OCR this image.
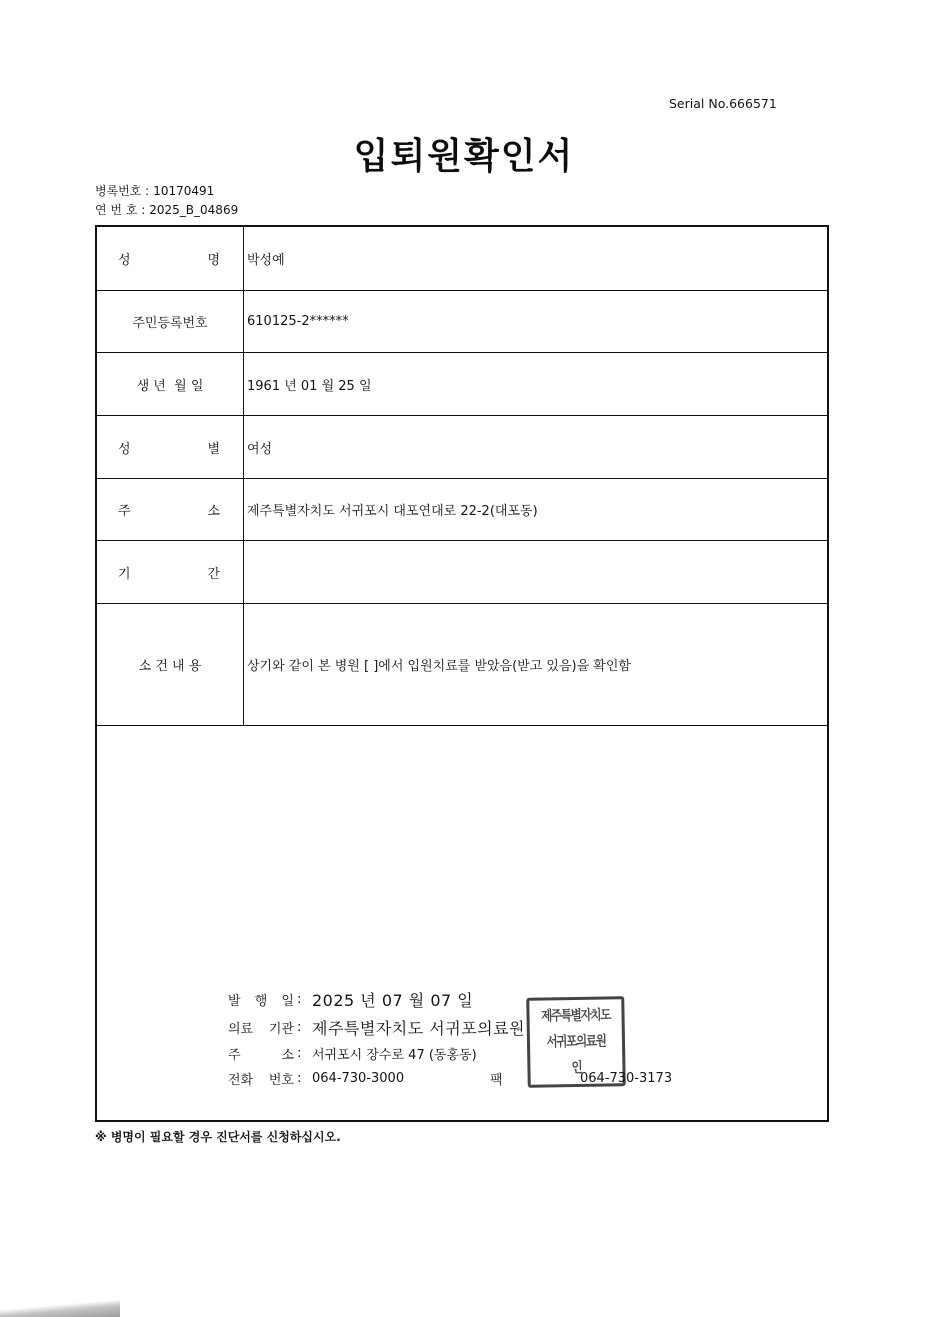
Serial No.666571
입퇴원확인서
병록번호 : 10170491
연 번 호 : 2025_B_04869
성 명 박성예
주민등록번호	610125-2******
생 년  월 일	1961 년 01 월 25 일
성 별 여성
주 소 제주특별자치도 서귀포시 대포연대로 22-2(대포동)
기 간
소 건 내 용	상기와 같이 본 병원 [ ]에서 입원치료를 받았음(받고 있음)을 확인함
발 행 일 : 2025 년 07 월 07 일
의료 기관 : 제주특별자치도 서귀포의료원
주 소 : 서귀포시 장수로 47 (동홍동)
전화 번호 : 064-730-3000	팩	064-730-3173
제주특별자치도
서귀포의료원
인
※ 병명이 필요할 경우 진단서를 신청하십시오.
